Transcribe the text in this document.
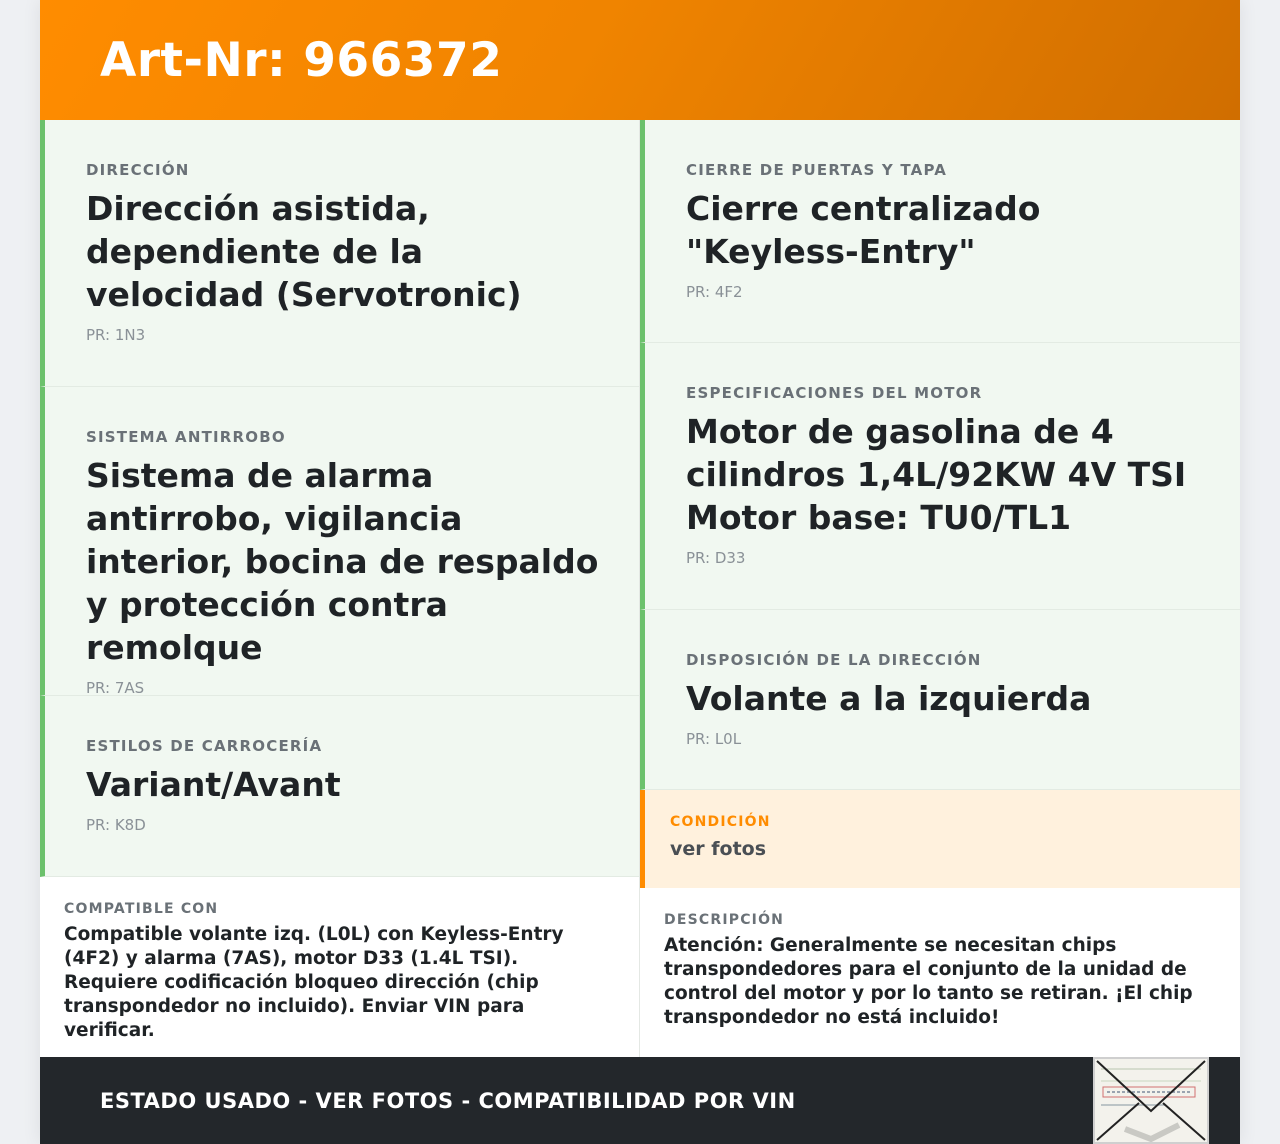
Art-Nr: 966372
DIRECCIÓN
Dirección asistida, dependiente de la velocidad (Servotronic)
PR: 1N3
SISTEMA ANTIRROBO
Sistema de alarma antirrobo, vigilancia interior, bocina de respaldo y protección contra remolque
PR: 7AS
ESTILOS DE CARROCERÍA
Variant/Avant
PR: K8D
COMPATIBLE CON
Compatible volante izq. (L0L) con Keyless-Entry (4F2) y alarma (7AS), motor D33 (1.4L TSI). Requiere codificación bloqueo dirección (chip transpondedor no incluido). Enviar VIN para verificar.
CIERRE DE PUERTAS Y TAPA
Cierre centralizado "Keyless-Entry"
PR: 4F2
ESPECIFICACIONES DEL MOTOR
Motor de gasolina de 4 cilindros 1,4L/92KW 4V TSI Motor base: TU0/TL1
PR: D33
DISPOSICIÓN DE LA DIRECCIÓN
Volante a la izquierda
PR: L0L
CONDICIÓN
ver fotos
DESCRIPCIÓN
Atención: Generalmente se necesitan chips transpondedores para el conjunto de la unidad de control del motor y por lo tanto se retiran. ¡El chip transpondedor no está incluido!
ESTADO USADO - VER FOTOS - COMPATIBILIDAD POR VIN
